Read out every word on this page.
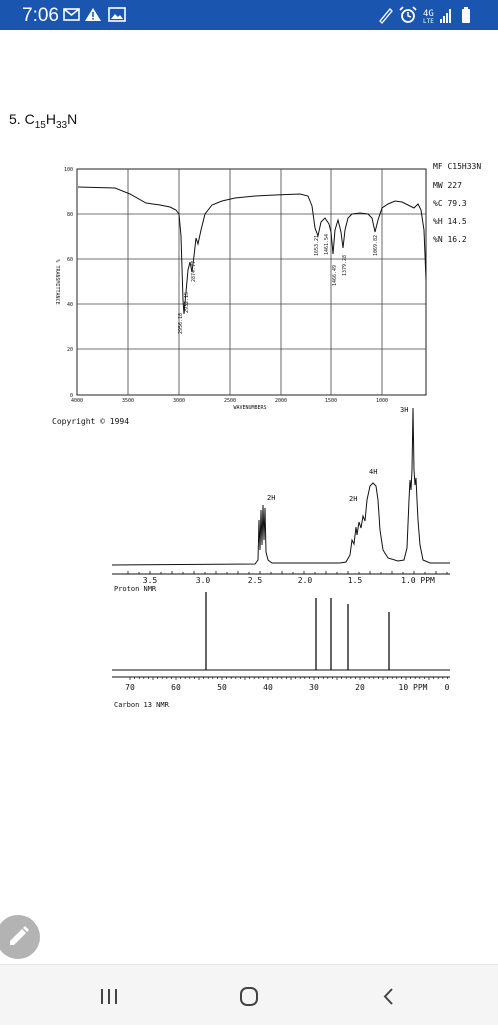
7:06	4G
LTE
5. $C_{15}H_{33}N$
2956.18
2932.15
2874.77
1653.21 1461.54
1466.49 1379.28
1069.82
100
80
60
40
20
0
% TRANSMITTANCE
4000	3500	3000	2500	2000	1500	1000
WAVENUMBERS
MF C15H33N
MW 227
%C 79.3
%H 14.5
%N 16.2
Copyright © 1994
2H	2H
4H
3H
3.5	3.0	2.5	2.0	1.5	1.0 PPM
Proton NMR
70	60	50	40	30	20	10 PPM 0
Carbon 13 NMR
